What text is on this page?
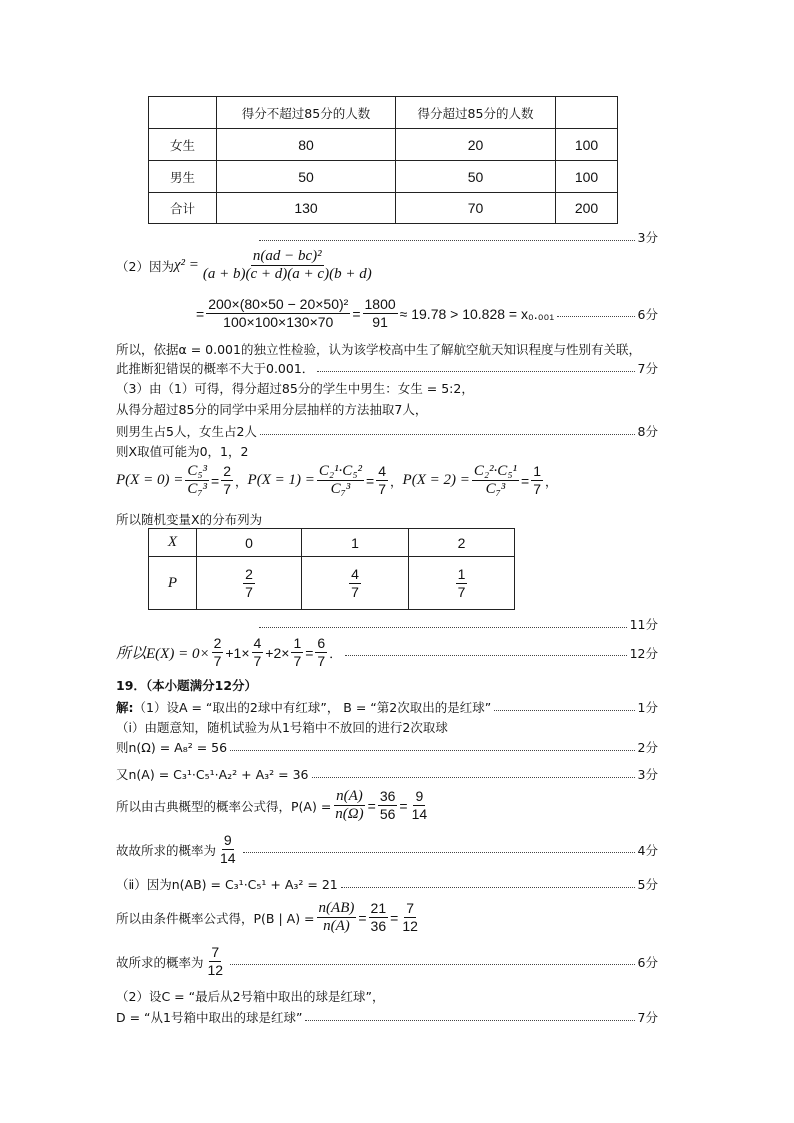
	得分不超过85分的人数	得分超过85分的人数	
女生	80	20	100
男生	50	50	100
合计	130	70	200
3分
（2）因为 $\chi^2 = \frac{\text{n(ad − bc)²}}{(a + b)(c + d)(a + c)(b + d)}$
= $\frac{\text{200×(80×50 − 20×50)²}}{100\times 100\times 130\times 70} = \frac{1800}{91} \approx 19.78 > 10.828 = x_0._{001}$	6分
所以，依据α = 0.001的独立性检验，认为该学校高中生了解航空航天知识程度与性别有关联，
此推断犯错误的概率不大于0.001．	7分
（3）由（1）可得，得分超过85分的学生中男生：女生 = 5:2，
从得分超过85分的同学中采用分层抽样的方法抽取7人，
则男生占5人，女生占2人	8分
则X取值可能为0，1，2
$P(X = 0) = \frac{\text{C₅³}}{\text{C₇³}} = \frac{2}{7}$ ， $P(X = 1) = \frac{\text{C₂¹·C₅²}}{\text{C₇³}} = \frac{4}{7}$ ， $P(X = 2) = \frac{\text{C₂²·C₅¹}}{\text{C₇³}} = \frac{1}{7}$ ，
所以随机变量X的分布列为
X	0	1	2
P	$\frac{2}{7}$	$\frac{4}{7}$	$\frac{1}{7}$
11分
所以$E(X) = 0\times \frac{2}{7} +1\times \frac{4}{7} +2\times \frac{1}{7} = \frac{6}{7}$ ．	12分
19．（本小题满分12分）
解: （1）设A = “取出的2球中有红球”， B = “第2次取出的是红球”	1分
（ⅰ）由题意知，随机试验为从1号箱中不放回的进行2次取球
则n(Ω) = A₈² = 56	2分
又n(A) = C₃¹·C₅¹·A₂² + A₃² = 36	3分
所以由古典概型的概率公式得，$P(A) = \frac{n(A)}{n(\Omega)} = \frac{36}{56} = \frac{9}{14}$
故故所求的概率为 $\frac{9}{14}$	4分
（ⅱ）因为n(AB) = C₃¹·C₅¹ + A₃² = 21	5分
所以由条件概率公式得，P(B | $A) = \frac{n(AB)}{n(A)} = \frac{21}{36} = \frac{7}{12}$
故所求的概率为 $\frac{7}{12}$	6分
（2）设C = “最后从2号箱中取出的球是红球”，
D = “从1号箱中取出的球是红球”	7分
